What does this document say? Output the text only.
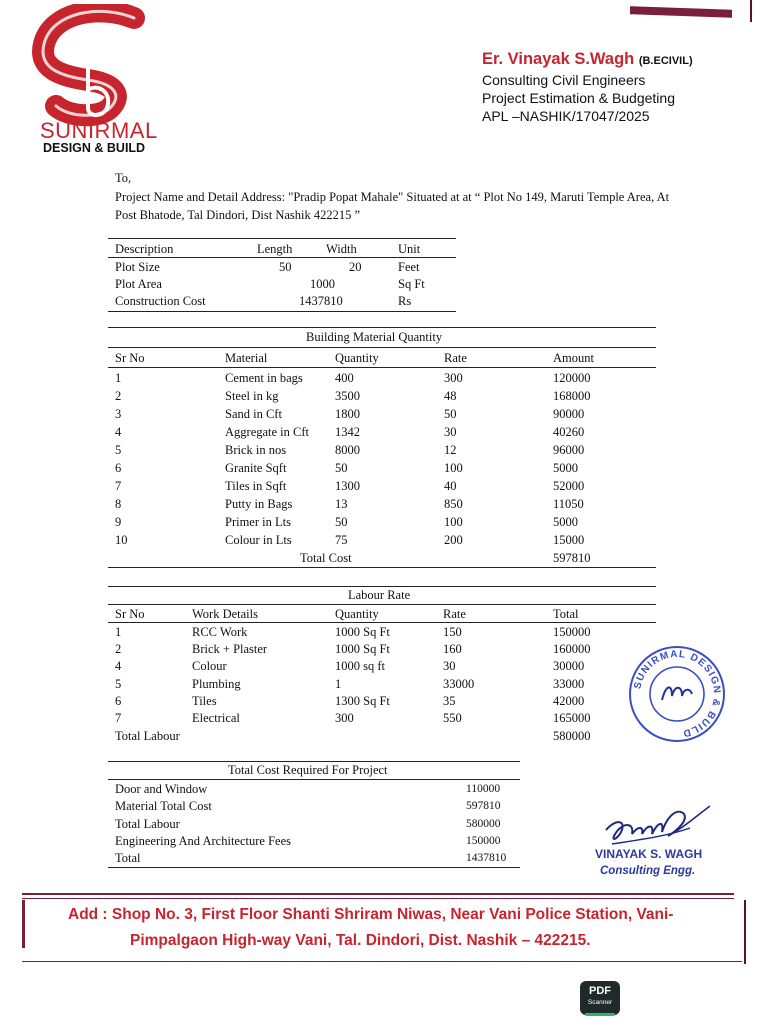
SUNIRMAL
DESIGN & BUILD
Er. Vinayak S.Wagh (B.ECIVIL)
Consulting Civil Engineers
Project Estimation & Budgeting
APL –NASHIK/17047/2025
To,
Project Name and Detail Address: "Pradip Popat Mahale" Situated at at “ Plot No 149, Maruti Temple Area, At Post Bhatode, Tal Dindori, Dist Nashik 422215 ”
Description	Length	Width	Unit
Plot Size	50	20	Feet
Plot Area	1000	Sq Ft
Construction Cost	1437810	Rs
Building Material Quantity
Sr No	Material	Quantity	Rate	Amount
1	Cement in bags	400	300	120000
2	Steel in kg	3500	48	168000
3	Sand in Cft	1800	50	90000
4	Aggregate in Cft 1342	30	40260
5	Brick in nos	8000	12	96000
6	Granite Sqft	50	100	5000
7	Tiles in Sqft	1300	40	52000
8	Putty in Bags	13	850	11050
9	Primer in Lts	50	100	5000
10	Colour in Lts	75	200	15000
Total Cost	597810
Labour Rate
Sr No	Work Details	Quantity	Rate	Total
1	RCC Work	1000 Sq Ft	150	150000
2	Brick + Plaster	1000 Sq Ft	160	160000
4	Colour	1000 sq ft	30	30000
5	Plumbing	1	33000	33000
6	Tiles	1300 Sq Ft	35	42000
7	Electrical	300	550	165000
Total Labour	580000
Total Cost Required For Project
Door and Window	110000
Material Total Cost	597810
Total Labour	580000
Engineering And Architecture Fees	150000
Total	1437810
SUNIRMAL DESIGN & BUILD
VINAYAK S. WAGH
Consulting Engg.
Add : Shop No. 3, First Floor Shanti Shriram Niwas, Near Vani Police Station, Vani-
Pimpalgaon High-way Vani, Tal. Dindori, Dist. Nashik – 422215.
PDF
Scanner
